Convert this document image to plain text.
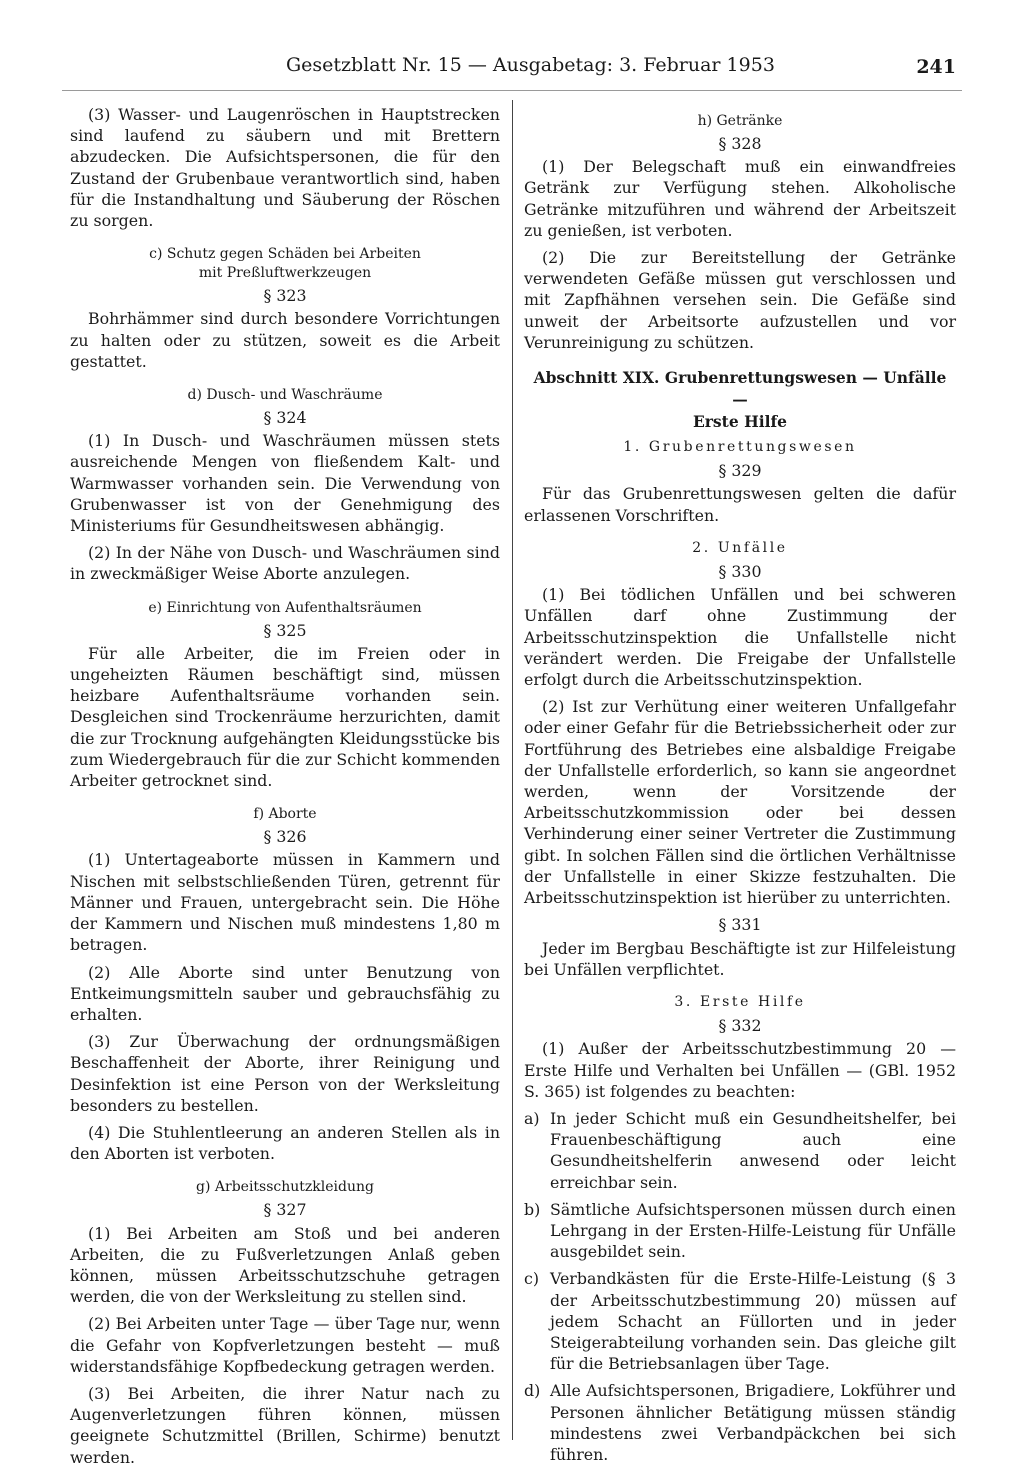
Gesetzblatt Nr. 15 — Ausgabetag: 3. Februar 1953	241

(3) Wasser- und Laugenröschen in Hauptstrecken sind laufend zu säubern und mit Brettern abzudecken. Die Aufsichtspersonen, die für den Zustand der Grubenbaue verantwortlich sind, haben für die Instandhaltung und Säuberung der Röschen zu sorgen.

c) Schutz gegen Schäden bei Arbeiten
mit Preßluftwerkzeugen
§ 323

Bohrhämmer sind durch besondere Vorrichtungen zu halten oder zu stützen, soweit es die Arbeit gestattet.

d) Dusch- und Waschräume
§ 324

(1) In Dusch- und Waschräumen müssen stets ausreichende Mengen von fließendem Kalt- und Warmwasser vorhanden sein. Die Verwendung von Grubenwasser ist von der Genehmigung des Ministeriums für Gesundheitswesen abhängig.

(2) In der Nähe von Dusch- und Waschräumen sind in zweckmäßiger Weise Aborte anzulegen.

e) Einrichtung von Aufenthaltsräumen
§ 325

Für alle Arbeiter, die im Freien oder in ungeheizten Räumen beschäftigt sind, müssen heizbare Aufenthaltsräume vorhanden sein. Desgleichen sind Trockenräume herzurichten, damit die zur Trocknung aufgehängten Kleidungsstücke bis zum Wiedergebrauch für die zur Schicht kommenden Arbeiter getrocknet sind.

f) Aborte
§ 326

(1) Untertageaborte müssen in Kammern und Nischen mit selbstschließenden Türen, getrennt für Männer und Frauen, untergebracht sein. Die Höhe der Kammern und Nischen muß mindestens 1,80 m betragen.

(2) Alle Aborte sind unter Benutzung von Entkeimungsmitteln sauber und gebrauchsfähig zu erhalten.

(3) Zur Überwachung der ordnungsmäßigen Beschaffenheit der Aborte, ihrer Reinigung und Desinfektion ist eine Person von der Werksleitung besonders zu bestellen.

(4) Die Stuhlentleerung an anderen Stellen als in den Aborten ist verboten.

g) Arbeitsschutzkleidung
§ 327

(1) Bei Arbeiten am Stoß und bei anderen Arbeiten, die zu Fußverletzungen Anlaß geben können, müssen Arbeitsschutzschuhe getragen werden, die von der Werksleitung zu stellen sind.

(2) Bei Arbeiten unter Tage — über Tage nur, wenn die Gefahr von Kopfverletzungen besteht — muß widerstandsfähige Kopfbedeckung getragen werden.

(3) Bei Arbeiten, die ihrer Natur nach zu Augenverletzungen führen können, müssen geeignete Schutzmittel (Brillen, Schirme) benutzt werden.

h) Getränke
§ 328

(1) Der Belegschaft muß ein einwandfreies Getränk zur Verfügung stehen. Alkoholische Getränke mitzuführen und während der Arbeitszeit zu genießen, ist verboten.

(2) Die zur Bereitstellung der Getränke verwendeten Gefäße müssen gut verschlossen und mit Zapfhähnen versehen sein. Die Gefäße sind unweit der Arbeitsorte aufzustellen und vor Verunreinigung zu schützen.

Abschnitt XIX. Grubenrettungswesen — Unfälle —
Erste Hilfe
1. Grubenrettungswesen
§ 329

Für das Grubenrettungswesen gelten die dafür erlassenen Vorschriften.

2. Unfälle
§ 330

(1) Bei tödlichen Unfällen und bei schweren Unfällen darf ohne Zustimmung der Arbeitsschutzinspektion die Unfallstelle nicht verändert werden. Die Freigabe der Unfallstelle erfolgt durch die Arbeitsschutzinspektion.

(2) Ist zur Verhütung einer weiteren Unfallgefahr oder einer Gefahr für die Betriebssicherheit oder zur Fortführung des Betriebes eine alsbaldige Freigabe der Unfallstelle erforderlich, so kann sie angeordnet werden, wenn der Vorsitzende der Arbeitsschutzkommission oder bei dessen Verhinderung einer seiner Vertreter die Zustimmung gibt. In solchen Fällen sind die örtlichen Verhältnisse der Unfallstelle in einer Skizze festzuhalten. Die Arbeitsschutzinspektion ist hierüber zu unterrichten.

§ 331

Jeder im Bergbau Beschäftigte ist zur Hilfeleistung bei Unfällen verpflichtet.

3. Erste Hilfe
§ 332

(1) Außer der Arbeitsschutzbestimmung 20 — Erste Hilfe und Verhalten bei Unfällen — (GBl. 1952 S. 365) ist folgendes zu beachten:

a) In jeder Schicht muß ein Gesundheitshelfer, bei Frauenbeschäftigung auch eine Gesundheitshelferin anwesend oder leicht erreichbar sein.
b) Sämtliche Aufsichtspersonen müssen durch einen Lehrgang in der Ersten-Hilfe-Leistung für Unfälle ausgebildet sein.
c) Verbandkästen für die Erste-Hilfe-Leistung (§ 3 der Arbeitsschutzbestimmung 20) müssen auf jedem Schacht an Füllorten und in jeder Steigerabteilung vorhanden sein. Das gleiche gilt für die Betriebsanlagen über Tage.
d) Alle Aufsichtspersonen, Brigadiere, Lokführer und Personen ähnlicher Betätigung müssen ständig mindestens zwei Verbandpäckchen bei sich führen.
